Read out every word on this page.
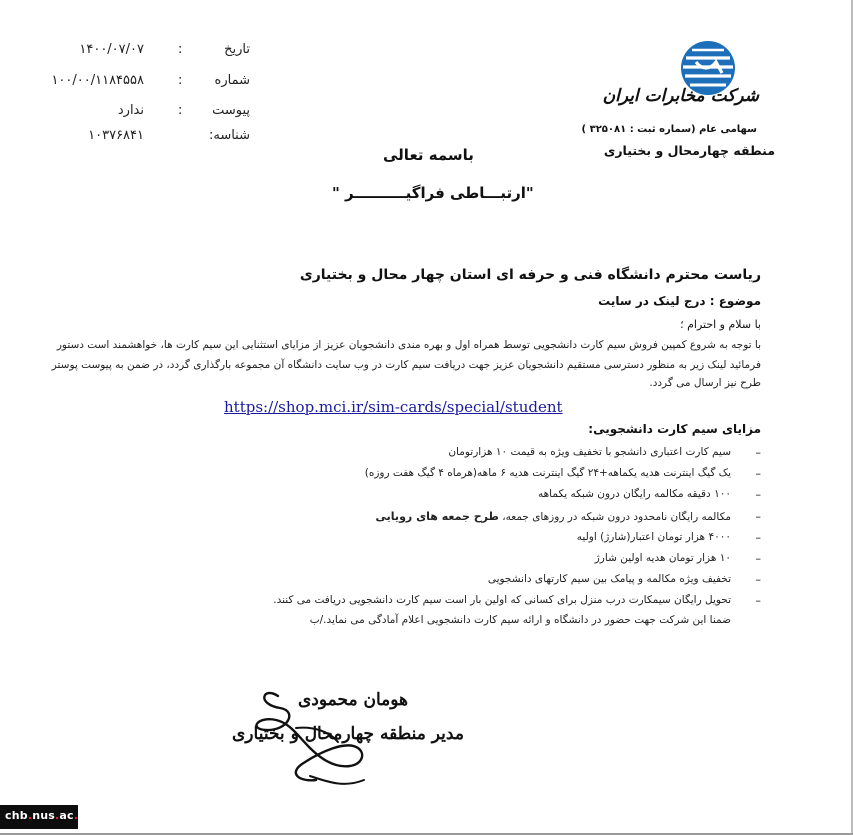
تاریخ
:
۱۴۰۰/۰۷/۰۷
شماره
:
۱۰۰/۰۰/۱۱۸۴۵۵۸
پیوست
:
ندارد
شناسه:
۱۰۳۷۶۸۴۱
شرکت مخابرات ایران
سهامی عام (سماره ثبت : ۳۲۵۰۸۱ )
منطقه چهارمحال و بختیاری
باسمه تعالی
"ارتبـــاطی فراگیــــــــــر "
ریاست محترم دانشگاه فنی و حرفه ای استان چهار محال و بختیاری
موضوع : درج لینک در سایت
با سلام و احترام ؛
با توجه به شروع کمپین فروش سیم کارت دانشجویی توسط همراه اول و بهره مندی دانشجویان عزیز از مزایای استثنایی این سیم کارت ها، خواهشمند است دستور
فرمائید لینک زیر به منظور دسترسی مستقیم دانشجویان عزیز جهت دریافت سیم کارت در وب سایت دانشگاه آن مجموعه بارگذاری گردد، در ضمن به پیوست پوستر
طرح نیز ارسال می گردد.
https://shop.mci.ir/sim-cards/special/student
مزایای سیم کارت دانشجویی:
–
سیم کارت اعتباری دانشجو با تخفیف ویژه به قیمت ۱۰ هزارتومان
–
یک گیگ اینترنت هدیه یکماهه+۲۴ گیگ اینترنت هدیه ۶ ماهه(هرماه ۴ گیگ هفت روزه)
–
۱۰۰ دقیقه مکالمه رایگان درون شبکه یکماهه
–
مکالمه رایگان نامحدود درون شبکه در روزهای جمعه، طرح جمعه های رویایی
–
۴۰۰۰ هزار تومان اعتبار(شارژ) اولیه
–
۱۰ هزار تومان هدیه اولین شارژ
–
تخفیف ویژه مکالمه و پیامک بین سیم کارتهای دانشجویی
–
تحویل رایگان سیمکارت درب منزل برای کسانی که اولین بار است سیم کارت دانشجویی دریافت می کنند.
ضمنا این شرکت جهت حضور در دانشگاه و ارائه سیم کارت دانشجویی اعلام آمادگی می نماید./ب
هومان محمودی
مدیر منطقه چهارمحال و بختیاری
chb.nus.ac.ir
